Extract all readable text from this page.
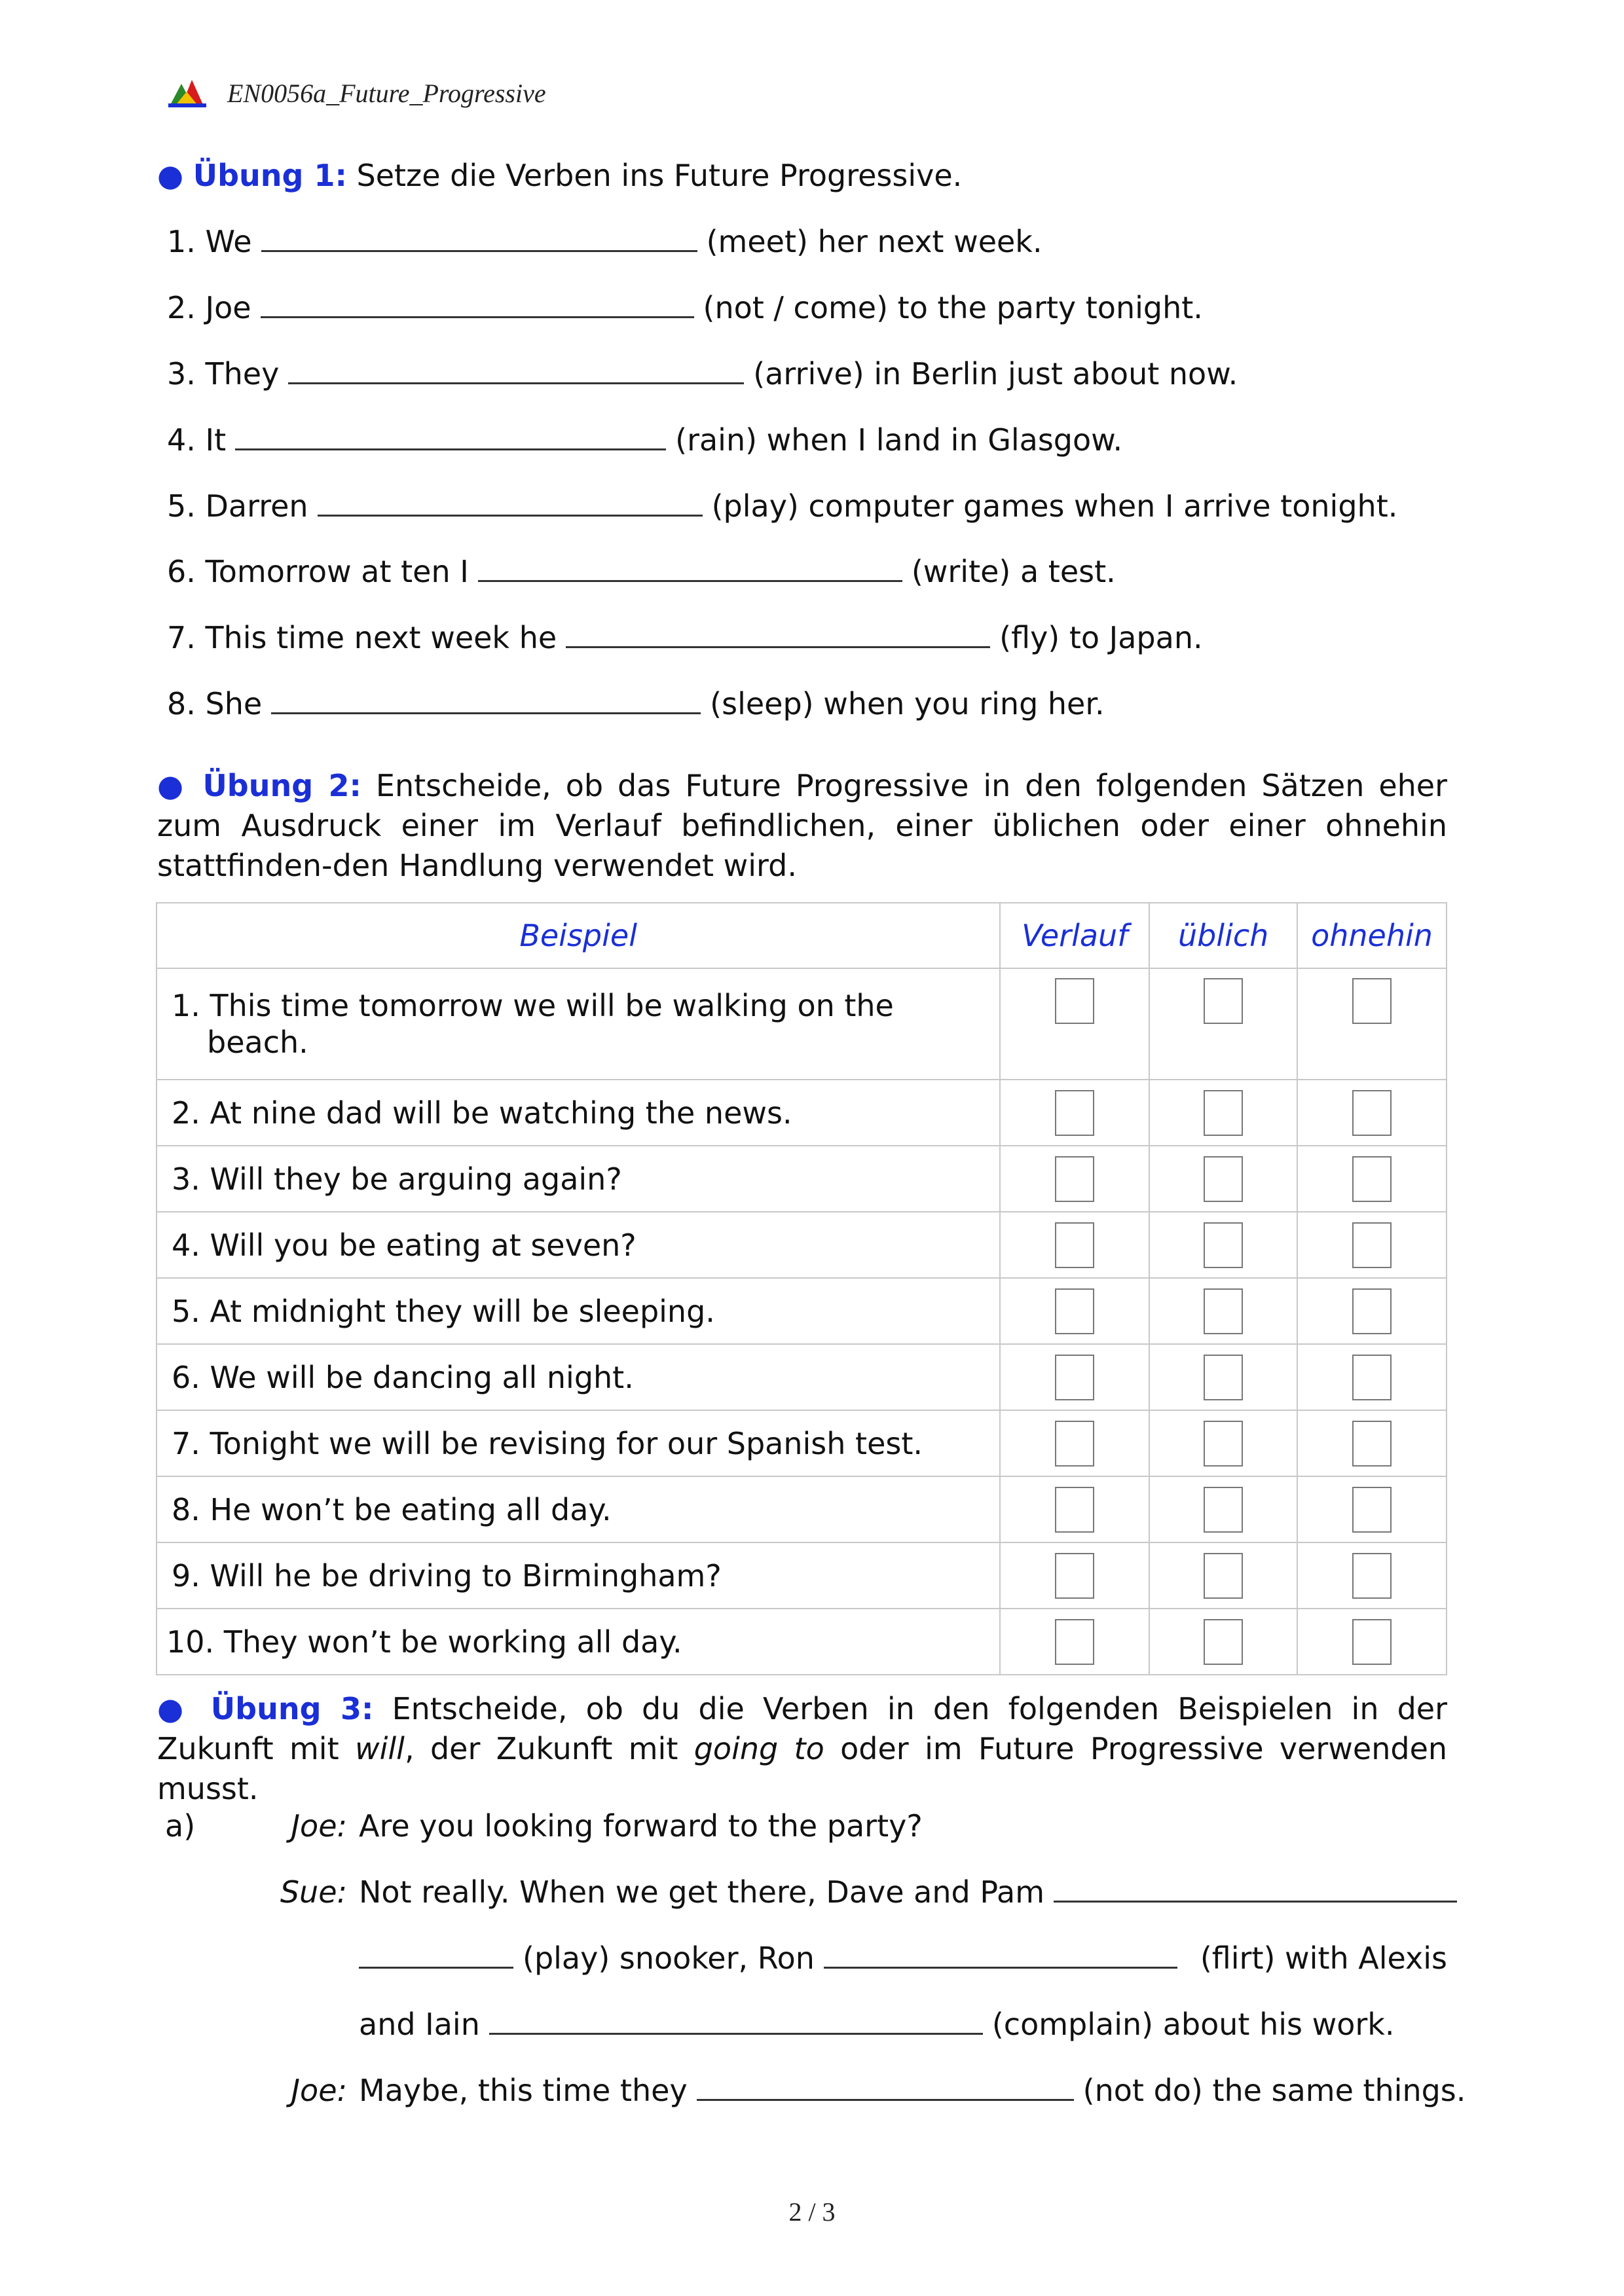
EN0056a_Future_Progressive
● Übung 1: Setze die Verben ins Future Progressive.
1. We	(meet) her next week.
2. Joe	(not / come) to the party tonight.
3. They	(arrive) in Berlin just about now.
4. It	(rain) when I land in Glasgow.
5. Darren	(play) computer games when I arrive tonight.
6. Tomorrow at ten I	(write) a test.
7. This time next week he	(fly) to Japan.
8. She	(sleep) when you ring her.
● Übung 2: Entscheide, ob das Future Progressive in den folgenden Sätzen eher zum Ausdruck einer im Verlauf befindlichen, einer üblichen oder einer ohnehin stattfinden-den Handlung verwendet wird.
Beispiel	Verlauf	üblich	ohnehin

1. This time tomorrow we will be walking on the beach.			

2. At nine dad will be watching the news.			
3. Will they be arguing again?			
4. Will you be eating at seven?			
5. At midnight they will be sleeping.			
6. We will be dancing all night.			
7. Tonight we will be revising for our Spanish test.			
8. He won’t be eating all day.			
9. Will he be driving to Birmingham?			
10. They won’t be working all day.			
● Übung 3: Entscheide, ob du die Verben in den folgenden Beispielen in der Zukunft mit will, der Zukunft mit going to oder im Future Progressive verwenden musst.
a)	Joe: Are you looking forward to the party?
Sue: Not really. When we get there, Dave and Pam
(play) snooker, Ron	(flirt) with Alexis
and Iain	(complain) about his work.
Joe: Maybe, this time they	(not do) the same things.
2 / 3
